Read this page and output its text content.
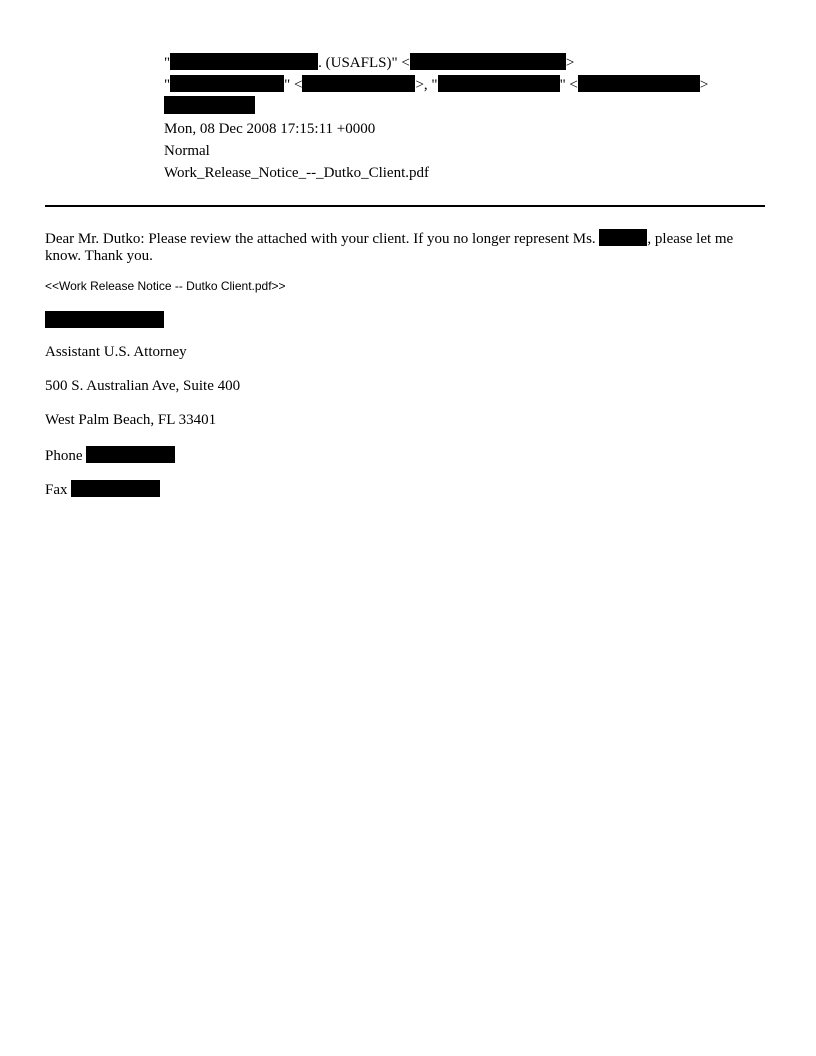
"	. (USAFLS)" <	>
"	" <	>, "	" <	>
Mon, 08 Dec 2008 17:15:11 +0000
Normal
Work_Release_Notice_--_Dutko_Client.pdf
Dear Mr. Dutko: Please review the attached with your client. If you no longer represent Ms.	, please let me know. Thank you.
<<Work Release Notice -- Dutko Client.pdf>>
Assistant U.S. Attorney
500 S. Australian Ave, Suite 400
West Palm Beach, FL 33401
Phone
Fax
